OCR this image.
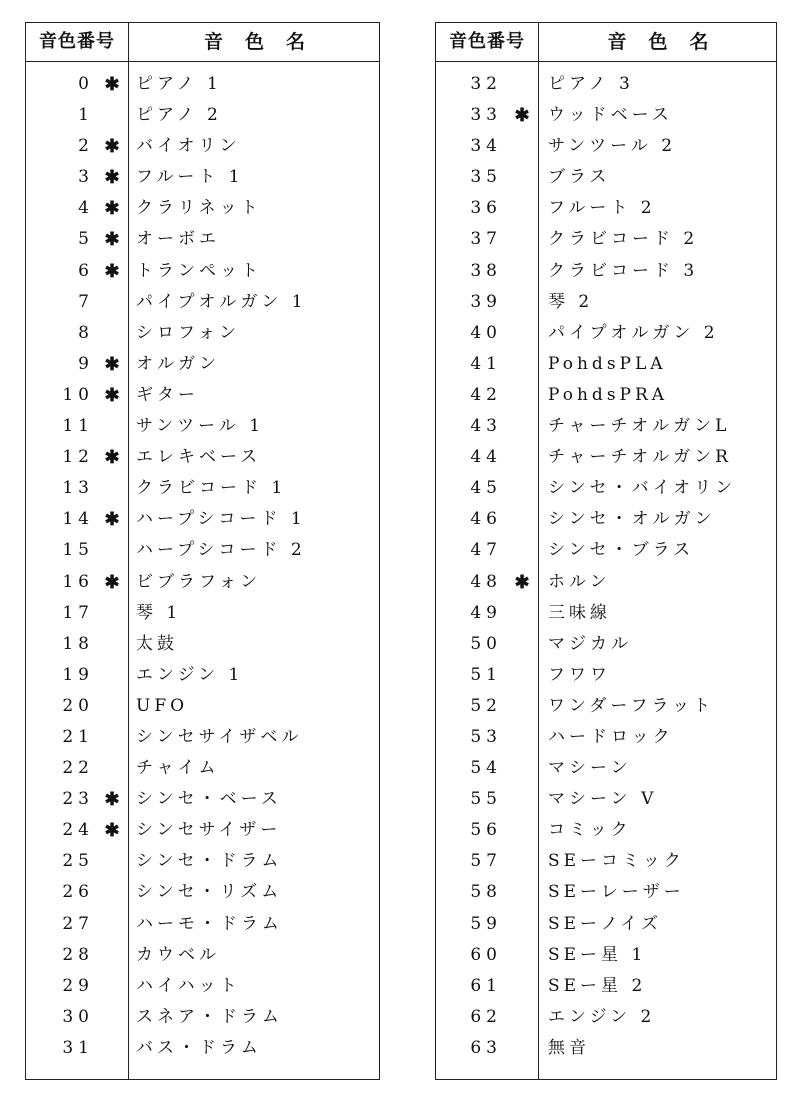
音色番号	音色名
0 ✱ ピアノ 1
1 ピアノ 2
2 ✱ バイオリン
3 ✱ フルート 1
4 ✱ クラリネット
5 ✱ オーボエ
6 ✱ トランペット
7 パイプオルガン 1
8 シロフォン
9 ✱ オルガン
10 ✱ ギター
11 サンツール 1
12 ✱ エレキベース
13 クラビコード 1
14 ✱ ハープシコード 1
15 ハープシコード 2
16 ✱ ビブラフォン
17 琴 1
18 太鼓
19 エンジン 1
20 UFO
21 シンセサイザベル
22 チャイム
23 ✱ シンセ・ベース
24 ✱ シンセサイザー
25 シンセ・ドラム
26 シンセ・リズム
27 ハーモ・ドラム
28 カウベル
29 ハイハット
30 スネア・ドラム
31 バス・ドラム
音色番号	音色名
32	ピアノ 3
33 ✱ ウッドベース
34	サンツール 2
35	ブラス
36	フルート 2
37	クラビコード 2
38	クラビコード 3
39	琴 2
40	パイプオルガン 2
41	PohdsPLA
42	PohdsPRA
43	チャーチオルガンL
44	チャーチオルガンR
45	シンセ・バイオリン
46	シンセ・オルガン
47	シンセ・ブラス
48 ✱ ホルン
49	三味線
50	マジカル
51	フワワ
52	ワンダーフラット
53	ハードロック
54	マシーン
55	マシーン V
56	コミック
57	SEーコミック
58	SEーレーザー
59	SEーノイズ
60	SEー星 1
61	SEー星 2
62	エンジン 2
63	無音
